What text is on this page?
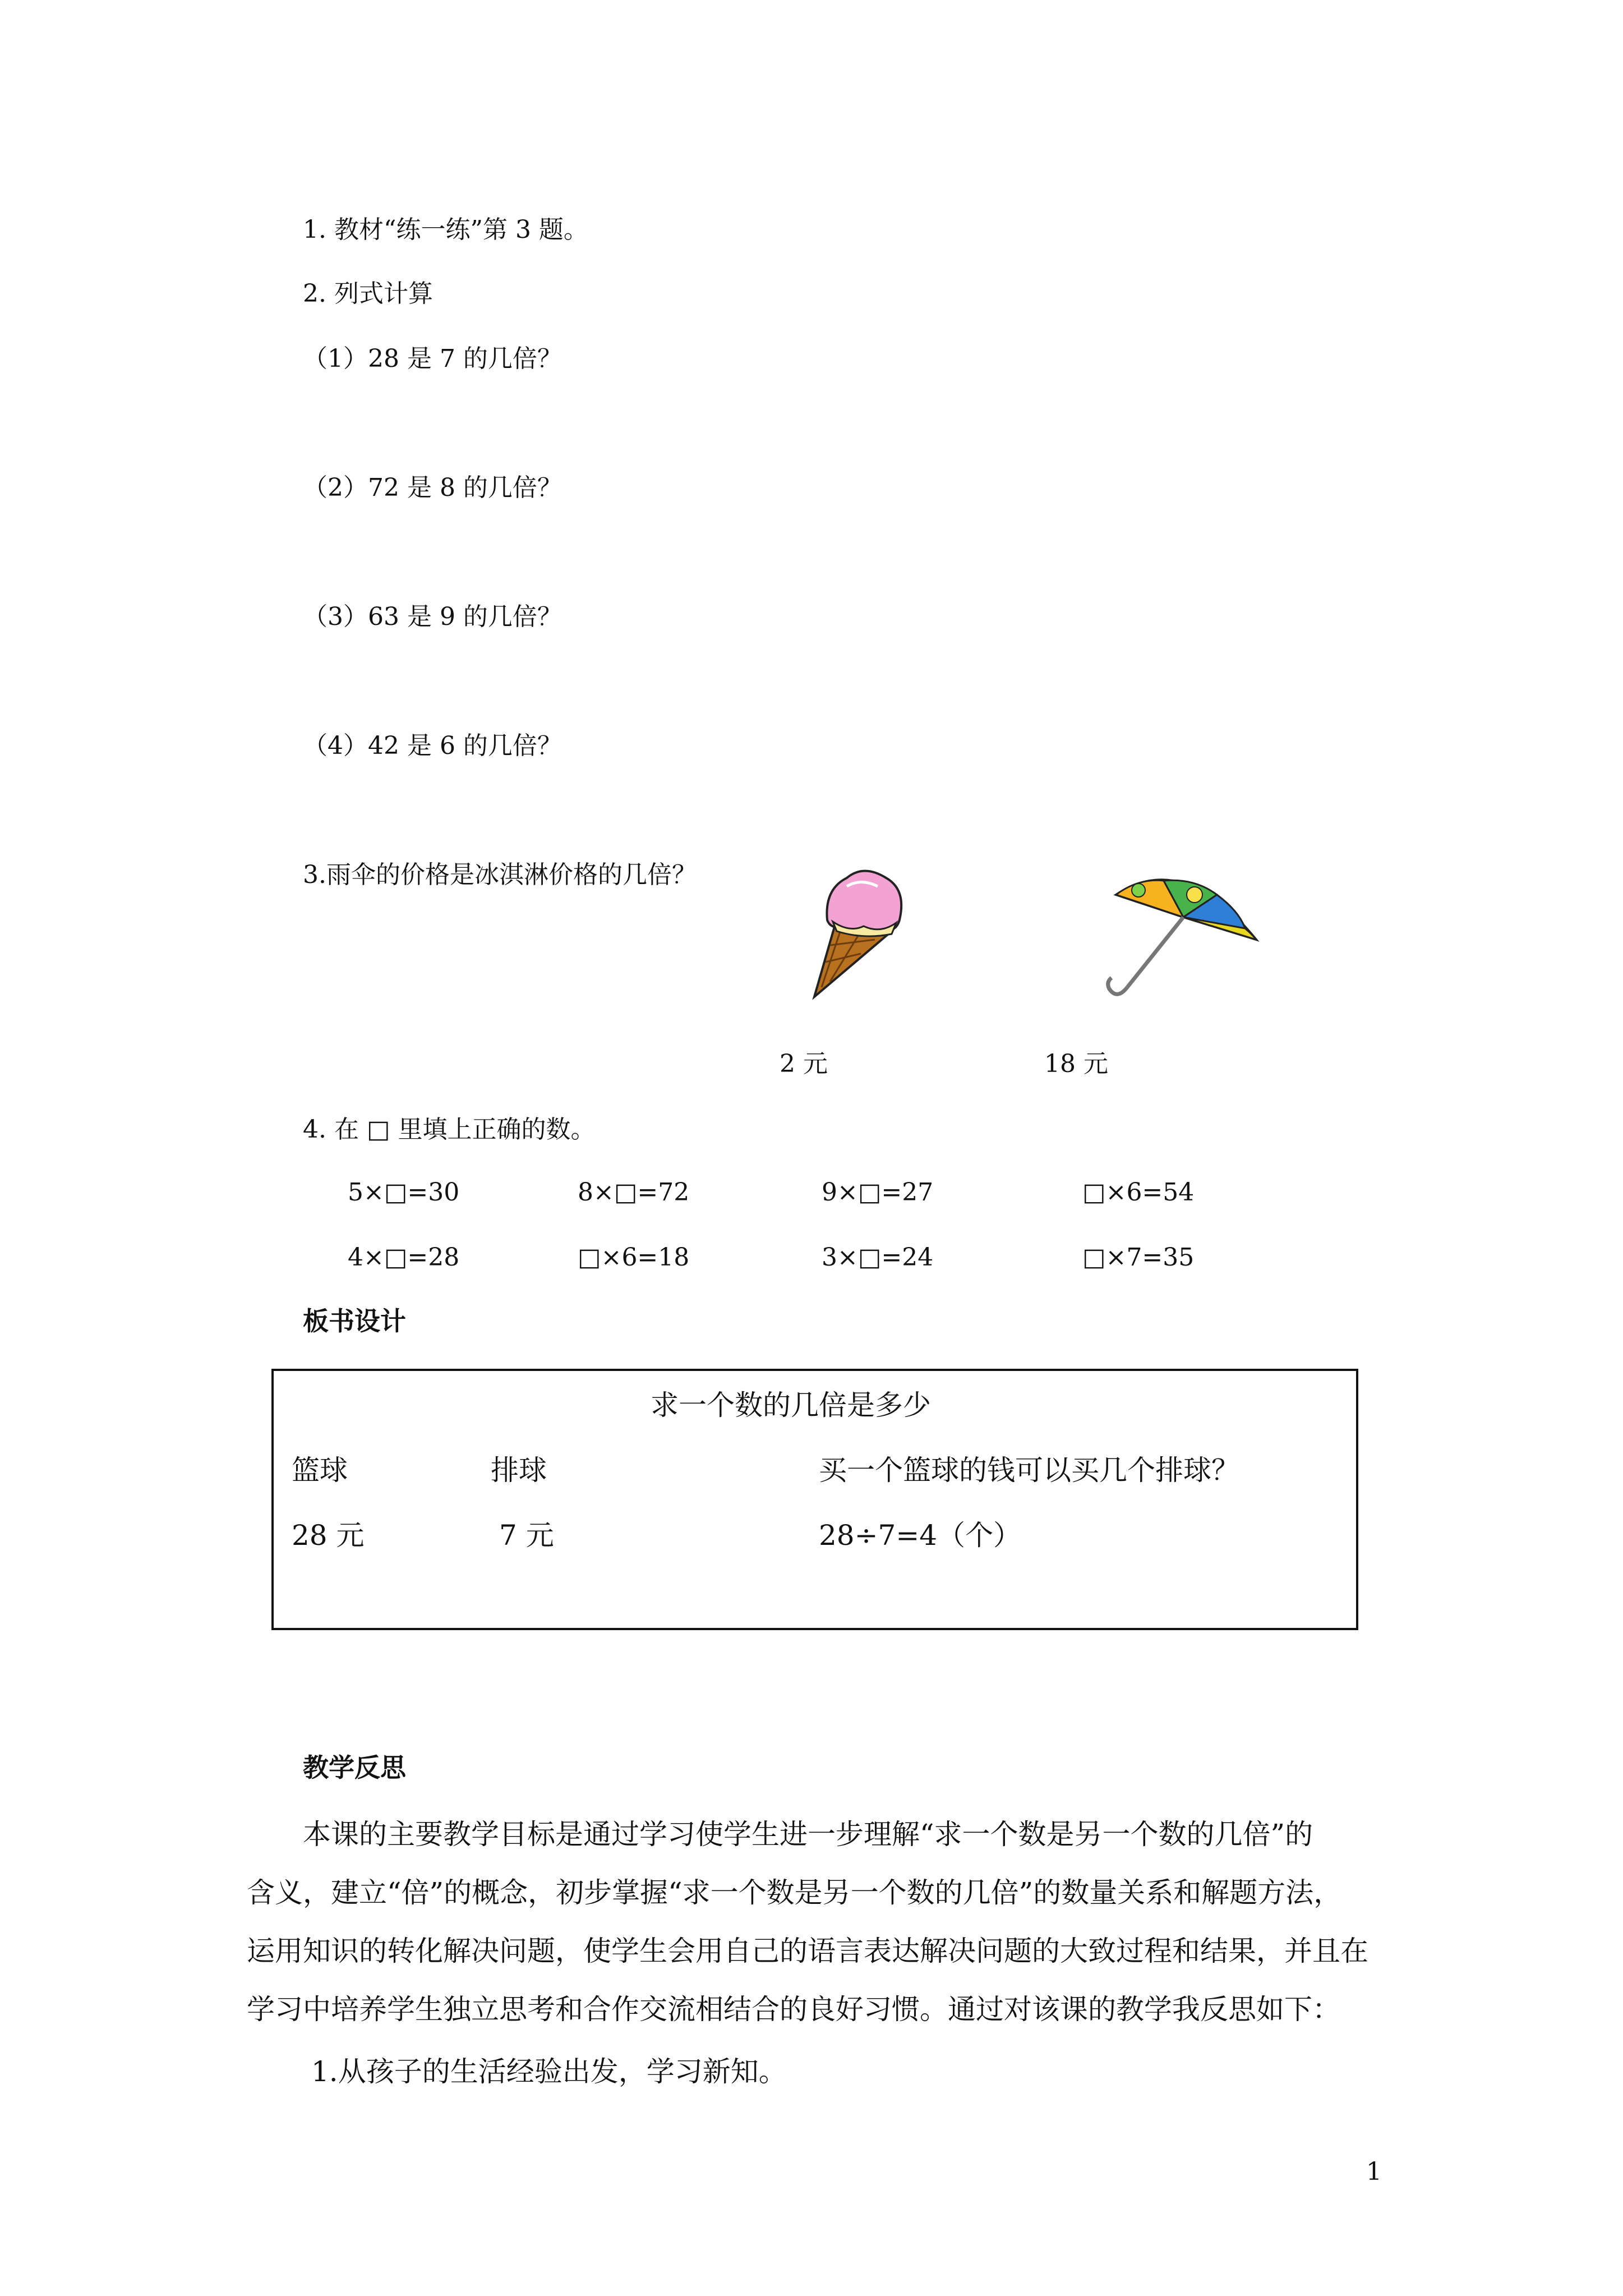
1. 教材“练一练”第 3 题。
2. 列式计算
（1）28 是 7 的几倍？
（2）72 是 8 的几倍？
（3）63 是 9 的几倍？
（4）42 是 6 的几倍？
3.雨伞的价格是冰淇淋价格的几倍？
2 元	18 元
4. 在 □ 里填上正确的数。
5×□=30	8×□=72	9×□=27	□×6=54
4×□=28	□×6=18	3×□=24	□×7=35
板书设计
求一个数的几倍是多少
篮球	排球	买一个篮球的钱可以买几个排球？
28 元	7 元	28÷7=4（个）
教学反思
本课的主要教学目标是通过学习使学生进一步理解“求一个数是另一个数的几倍”的
含义，建立“倍”的概念，初步掌握“求一个数是另一个数的几倍”的数量关系和解题方法，
运用知识的转化解决问题，使学生会用自己的语言表达解决问题的大致过程和结果，并且在
学习中培养学生独立思考和合作交流相结合的良好习惯。通过对该课的教学我反思如下：
1.从孩子的生活经验出发，学习新知。
1
